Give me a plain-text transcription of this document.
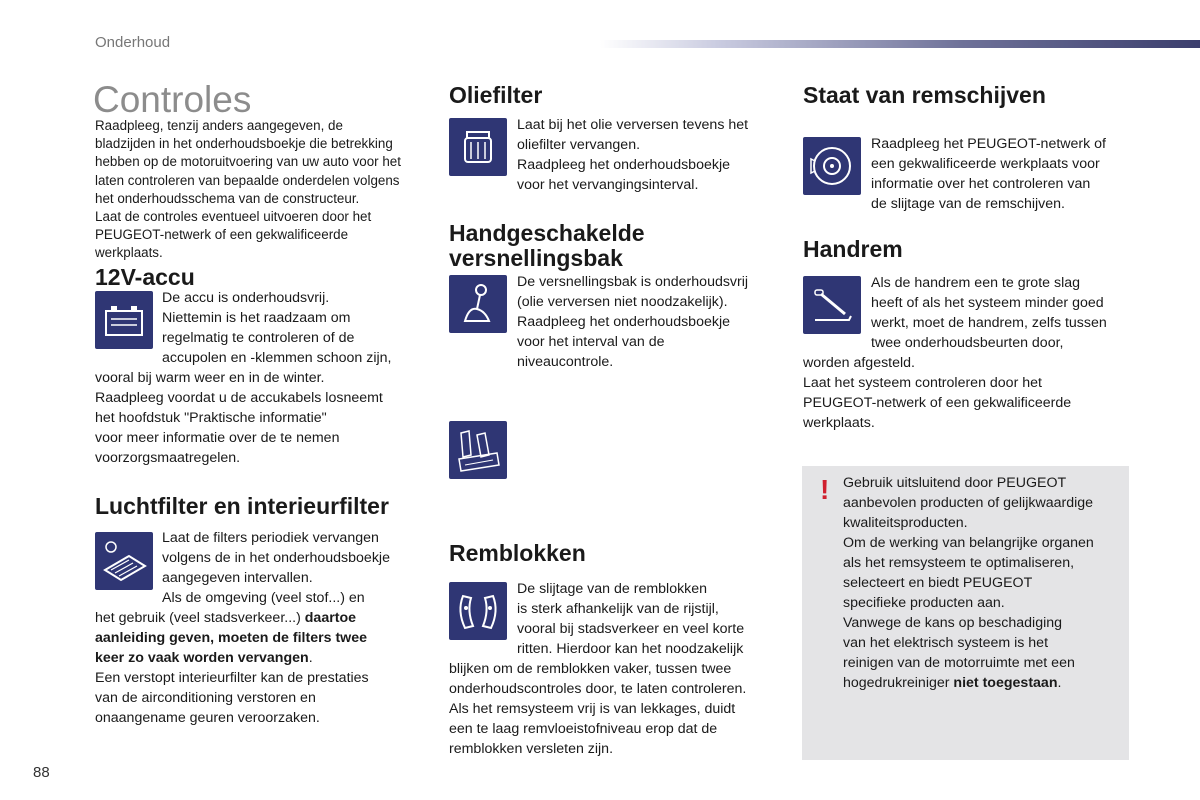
Onderhoud
Controles
Raadpleeg, tenzij anders aangegeven, de
bladzijden in het onderhoudsboekje die betrekking
hebben op de motoruitvoering van uw auto voor het
laten controleren van bepaalde onderdelen volgens
het onderhoudsschema van de constructeur.
Laat de controles eventueel uitvoeren door het
PEUGEOT-netwerk of een gekwalificeerde
werkplaats.
12V-accu
De accu is onderhoudsvrij.
Niettemin is het raadzaam om
regelmatig te controleren of de
accupolen en -klemmen schoon zijn,
vooral bij warm weer en in de winter.
Raadpleeg voordat u de accukabels losneemt
het hoofdstuk "Praktische informatie"
voor meer informatie over de te nemen
voorzorgsmaatregelen.
Luchtfilter en interieurfilter
Laat de filters periodiek vervangen
volgens de in het onderhoudsboekje
aangegeven intervallen.
Als de omgeving (veel stof...) en
het gebruik (veel stadsverkeer...) daartoe
aanleiding geven, moeten de filters twee
keer zo vaak worden vervangen.
Een verstopt interieurfilter kan de prestaties
van de airconditioning verstoren en
onaangename geuren veroorzaken.
Oliefilter
Laat bij het olie verversen tevens het
oliefilter vervangen.
Raadpleeg het onderhoudsboekje
voor het vervangingsinterval.
Handgeschakelde
versnellingsbak
De versnellingsbak is onderhoudsvrij
(olie verversen niet noodzakelijk).
Raadpleeg het onderhoudsboekje
voor het interval van de
niveaucontrole.
Remblokken
De slijtage van de remblokken
is sterk afhankelijk van de rijstijl,
vooral bij stadsverkeer en veel korte
ritten. Hierdoor kan het noodzakelijk
blijken om de remblokken vaker, tussen twee
onderhoudscontroles door, te laten controleren.
Als het remsysteem vrij is van lekkages, duidt
een te laag remvloeistofniveau erop dat de
remblokken versleten zijn.
Staat van remschijven
Raadpleeg het PEUGEOT-netwerk of
een gekwalificeerde werkplaats voor
informatie over het controleren van
de slijtage van de remschijven.
Handrem
Als de handrem een te grote slag
heeft of als het systeem minder goed
werkt, moet de handrem, zelfs tussen
twee onderhoudsbeurten door,
worden afgesteld.
Laat het systeem controleren door het
PEUGEOT-netwerk of een gekwalificeerde
werkplaats.
! Gebruik uitsluitend door PEUGEOT
aanbevolen producten of gelijkwaardige
kwaliteitsproducten.
Om de werking van belangrijke organen
als het remsysteem te optimaliseren,
selecteert en biedt PEUGEOT
specifieke producten aan.
Vanwege de kans op beschadiging
van het elektrisch systeem is het
reinigen van de motorruimte met een
hogedrukreiniger niet toegestaan.
88
